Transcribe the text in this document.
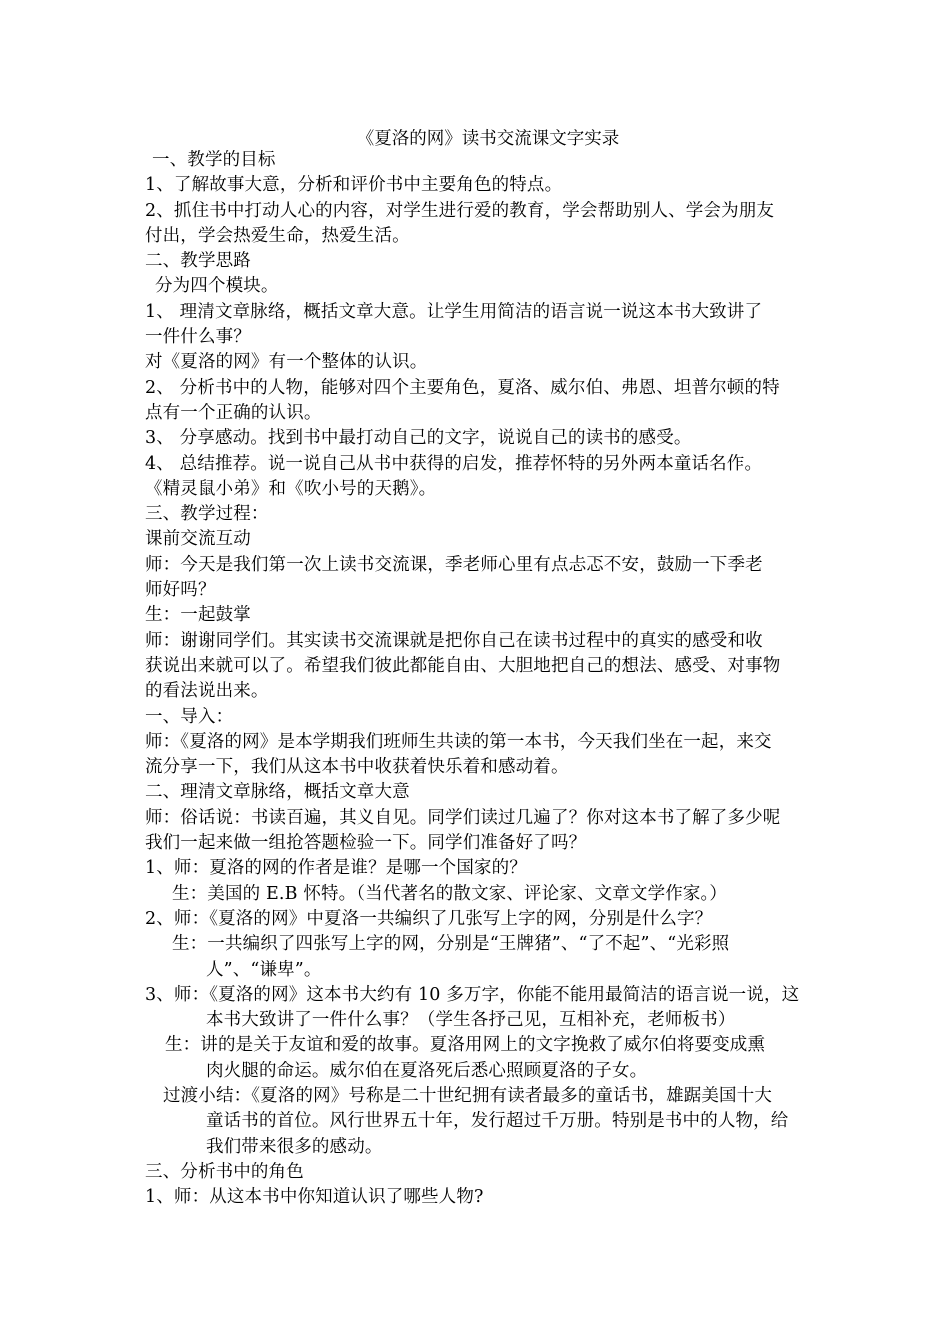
《夏洛的网》读书交流课文字实录
一、教学的目标
1、了解故事大意，分析和评价书中主要角色的特点。
2、抓住书中打动人心的内容，对学生进行爱的教育，学会帮助别人、学会为朋友
付出，学会热爱生命，热爱生活。
二、教学思路
分为四个模块。
1、 理清文章脉络，概括文章大意。让学生用简洁的语言说一说这本书大致讲了
一件什么事？
对《夏洛的网》有一个整体的认识。
2、 分析书中的人物，能够对四个主要角色，夏洛、威尔伯、弗恩、坦普尔顿的特
点有一个正确的认识。
3、 分享感动。找到书中最打动自己的文字，说说自己的读书的感受。
4、 总结推荐。说一说自己从书中获得的启发，推荐怀特的另外两本童话名作。
《精灵鼠小弟》和《吹小号的天鹅》。
三、教学过程：
课前交流互动
师：今天是我们第一次上读书交流课，季老师心里有点忐忑不安，鼓励一下季老
师好吗？
生：一起鼓掌
师：谢谢同学们。其实读书交流课就是把你自己在读书过程中的真实的感受和收
获说出来就可以了。希望我们彼此都能自由、大胆地把自己的想法、感受、对事物
的看法说出来。
一、导入：
师：《夏洛的网》是本学期我们班师生共读的第一本书，今天我们坐在一起，来交
流分享一下，我们从这本书中收获着快乐着和感动着。
二、理清文章脉络，概括文章大意
师：俗话说：书读百遍，其义自见。同学们读过几遍了？你对这本书了解了多少呢
我们一起来做一组抢答题检验一下。同学们准备好了吗？
1、师：夏洛的网的作者是谁？是哪一个国家的？
生：美国的 E.B 怀特。（当代著名的散文家、评论家、文章文学作家。）
2、师：《夏洛的网》中夏洛一共编织了几张写上字的网，分别是什么字？
生：一共编织了四张写上字的网，分别是“王牌猪”、“了不起”、“光彩照
人”、“谦卑”。
3、师：《夏洛的网》这本书大约有 10 多万字，你能不能用最简洁的语言说一说，这
本书大致讲了一件什么事？（学生各抒己见，互相补充，老师板书）
生：讲的是关于友谊和爱的故事。夏洛用网上的文字挽救了威尔伯将要变成熏
肉火腿的命运。威尔伯在夏洛死后悉心照顾夏洛的子女。
过渡小结：《夏洛的网》号称是二十世纪拥有读者最多的童话书，雄踞美国十大
童话书的首位。风行世界五十年，发行超过千万册。特别是书中的人物，给
我们带来很多的感动。
三、分析书中的角色
1、师：从这本书中你知道认识了哪些人物?
